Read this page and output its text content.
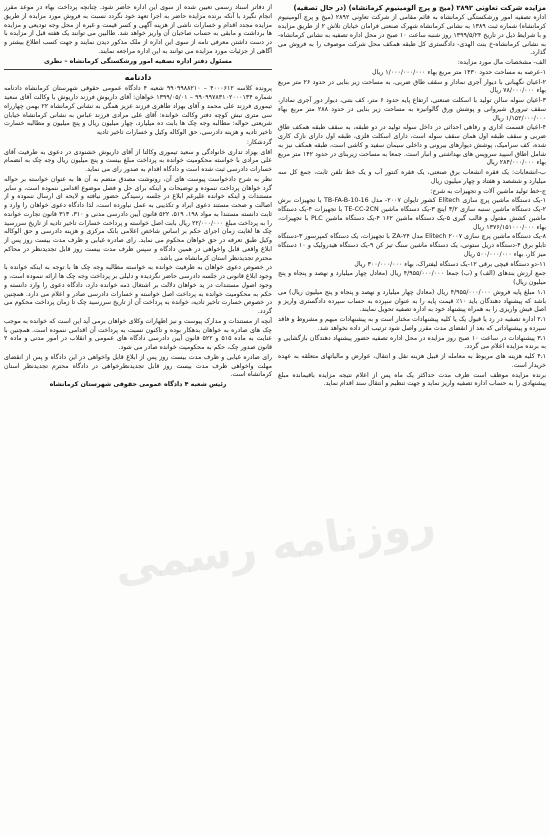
مزایده شرکت تعاونی ۲۸۹۲ (میخ و پرچ آلومینیوم کرمانشاه) (در حال تصفیه)

اداره تصفیه امور ورشکستگی کرمانشاه به قائم مقامی از شرکت تعاونی ۲۸۹۲ (میخ و پرچ آلومینیوم کرمانشاه) شماره ثبت ۱۳۸۹ به نشانی کرمانشاه شهرک صنعتی فرامان خیابان تلاش ۲ از طریق مزایده و با شرایط ذیل در تاریخ ۱۳۹۹/۵/۲۴ روز شنبه ساعت ۱۰ صبح در محل اداره تصفیه به نشانی کرمانشاه- به نشانی کرمانشاه-خ بنت الهدی- دادگستری کل طبقه همکف محل شرکت موصوف را به فروش می گذارد.

الف- مشخصات مال مورد مزایده:

۱-عرصه به مساحت حدود ۱۴۳۰ متر مربع بهاء ۱/۰۰۰/۰۰۰/۰۰۰ ریال

۲-اعیان نگهبانی با دیوار آجری نمادار و سقف طاق ضربی، به مساحت زیر بنایی در حدود ۲۶ متر مربع بهاء ۷۸/۰۰۰/۰۰۰ ریال

۳-اعیان سوله سالن تولید با اسکلت صنعتی، ارتفاع پایه حدود ۶ متر، کف بتنی، دیوار دور آجری نمادار، سقف تیرورق شیروانی و پوشش ورق گالوانیزه به مساحت زیر بنایی در حدود ۲۸۸ متر مربع بهاء ۱/۱۵۲/۰۰۰/۰۰۰ ریال

۴-اعیان قسمت اداری و رفاهی احداثی در داخل سوله تولید در دو طبقه، به سقف طبقه همکف طاق ضربی و سقف طبقه اول همان سقف سوله است، دارای اسکلت فلزی، طبقه اول دارای نازک کاری شده، کف سرامیک، پوشش دیوارهای بیرونی و داخلی سیمان سفید و کاشی است، طبقه همکف نیز به شامل اطاق اسپید سرویس های بهداشتی و انبار است. جمعا به مساحت زیربنای در حدود ۱۴۲ متر مربع بهاء ۲۸۴/۰۰۰/۰۰۰ ریال

ب-انشعابات: یک فقره انشعاب برق صنعتی، یک فقره کنتور آب و یک خط تلفن ثابت، جمع کل سه میلیارد و ششصد و هفتاد و چهار میلیون ریال

ج-خط تولید ماشین آلات و تجهیزات به شرح:

۱-یک دستگاه ماشین پرچ سازی Elitech کشور تایوان ۲۰۰۷- مدل TB-FA-B-10-16 با تجهیزات برش ۲-یک دستگاه ماشین سنبه سازی ۳/۲ اینچ ۳-یک دستگاه ماشین TE-CC-2CN با تجهیزات ۴-یک دستگاه ماشین کشش مفتول و قالب گیری ۵-یک دستگاه ماشین ۱۶۲ ۴-یک دستگاه ماشین PLC با تجهیزات، بهاء ۱۳۷۶/۱۵۱۰۰۰/۰۰۰ ریال

۸-یک دستگاه ماشین پرچ سازی ۲۰۰۷ Elitech مدل ۲۴-ZA با تجهیزات، یک دستگاه کمپرسور ۳-دستگاه تابلو برق ۴-دستگاه دریل ستونی، یک دستگاه ماشین سنگ تیز کن ۹-یک دستگاه هیدرولیک و ۱۰ دستگاه میز کار، بهاء ۵۰۰/۰۰۰/۰۰۰ ریال

۱۱-دو دستگاه قیچی برقی ۱۲-یک دستگاه لیفتراک، بهاء ۳۰۰/۰۰۰/۰۰۰ ریال

جمع ارزش بندهای (الف) و (ب) جمعا ۴/۹۵۵/۰۰۰/۰۰۰ ریال (معادل چهار میلیارد و نهصد و پنجاه و پنج میلیون ریال)

۱،۱ مبلغ پایه فروش ۴/۹۵۵/۰۰۰/۰۰۰ ریال (معادل چهار میلیارد و نهصد و پنجاه و پنج میلیون ریال) می باشد که پیشنهاد دهندگان باید ۱۰٪ قیمت پایه را به عنوان سپرده به حساب سپرده دادگستری واریز و اصل فیش واریزی را به همراه پیشنهاد خود به اداره تصفیه تحویل نمایند.

۲،۱ اداره تصفیه در رد یا قبول یک یا کلیه پیشنهادات مختار است و به پیشنهادات مبهم و مشروط و فاقد سپرده و پیشنهاداتی که بعد از انقضای مدت مقرر واصل شود ترتیب اثر داده نخواهد شد.

۳،۱ پیشنهادات در ساعت ۱۰ صبح روز مزایده در محل اداره تصفیه حضور پیشنهاد دهندگان بازگشایی و به برنده مزایده اعلام می گردد.

۴،۱ کلیه هزینه های مربوط به معامله از قبیل هزینه نقل و انتقال، عوارض و مالیاتهای متعلقه به عهده خریدار است.

برنده مزایده موظف است ظرف مدت حداکثر یک ماه پس از اعلام نتیجه مزایده باقیمانده مبلغ پیشنهادی را به حساب اداره تصفیه واریز نماید و جهت تنظیم و انتقال سند اقدام نماید.

از دفاتر اسناد رسمی تعیین شده از سوی این اداره حاضر شود. چنانچه پرداخت بهاء در موعد مقرر انجام نگیرد با آنکه برنده مزایده حاضر به اجرا تعهد خود نگردد نسبت به فروش مورد مزایده از طریق مزایده مجدد اقدام و خسارات ناشی از هزینه آگهی و کسر قیمت و غیره از محل وجه تودیعی و مزایده ها برداشت و مابقی به حساب صاحبان آن واریز خواهد شد. طالبین می توانند یک هفته قبل از مزایده با در دست داشتن معرفی نامه از سوی این اداره از ملک مذکور دیدن نمایند و جهت کسب اطلاع بیشتر و آگاهی از جزئیات مورد مزایده می توانند به این اداره مراجعه نمایند.

مسئول دفتر اداره تصفیه امور ورشکستگی کرمانشاه – نظری

دادنامه

پرونده کلاسه ۴۰۰۰۶۱۲ – ۹۹۰۹۹۸۸۲۱۰ شعبه ۴ دادگاه عمومی حقوقی شهرستان کرمانشاه دادنامه شماره ۹۹۰۹۹۷۸۳۱۰۲۰۰۰۱۳۴ – ۱۳۹۹/۰۵/۰۱ خواهان: آقای داریوش فرزند داریوش با وکالت آقای سعید تیموری فرزند علی محمد و آقای بهزاد طاهری فرزند عزیز همگی به نشانی کرمانشاه ۲۲ بهمن چهارراه سی متری نبش کوچه دفتر وکالت خوانده: آقای علی مرادی فرزند عباس به نشانی کرمانشاه خیابان شریعتی حواله: مطالبه وجه چک ها بابت ده میلیارد، چهار میلیون ریال و پنج میلیون و مطالبه خسارت تاخیر تادیه و هزینه دادرسی، حق الوکاله وکیل و خسارات تاخیر تادیه

گردشکار:

اقای بهزاد تداری خانوادگی و سعید تیموری وکالتا از آقای داریوش خشنودی در دعوی به طرفیت آقای علی مرادی با خواسته محکومیت خوانده به پرداخت مبلغ بیست و پنج میلیون ریال وجه چک به انضمام خسارات دادرسی ثبت شده است و دادگاه اقدام به صدور رای می نماید.

نظر به شرح دادخواست پیوست های آن، رونوشت مصدق منضم به آن ها به عنوان خواسته بر حواله گرد خواهان پرداخت ننموده و توضیحات و اینکه برای حل و فصل موضوع اقدامی ننموده است، و سایر مستندات و اینکه خوانده علیرغم ابلاغ در جلسه رسیدگی حضور نیافته و لایحه ای ارسال ننموده و از اصالت و صحت مستند دعوی ایراد و تکذیبی به عمل نیاورده است، لذا دادگاه دعوی خواهان را وارد و ثابت دانسته مستندا به مواد ۱۹۸، ۵۱۹، ۵۲۲ قانون آیین دادرسی مدنی و ۳۱۰، ۳۱۳ قانون تجارت خوانده را به پرداخت مبلغ ۲۲/۰۰۰/۰۰۰ ریال بابت اصل خواسته و پرداخت خسارات تاخیر تادیه از تاریخ سررسید چک ها لغایت زمان اجرای حکم بر اساس شاخص اعلامی بانک مرکزی و هزینه دادرسی و حق الوکاله وکیل طبق تعرفه در حق خواهان محکوم می نماید. رای صادره غیابی و ظرف مدت بیست روز پس از ابلاغ واقعی قابل واخواهی در همین دادگاه و سپس ظرف مدت بیست روز قابل تجدیدنظر در محاکم محترم تجدیدنظر استان کرمانشاه می باشد.

در خصوص دعوی خواهان به طرفیت خوانده به خواسته مطالبه وجه چک ها با توجه به اینکه خوانده با وجود ابلاغ قانونی در جلسه دادرسی حاضر نگردیده و دلیلی بر پرداخت وجه چک ها ارائه ننموده است، و وجود اصول مستندات در ید خواهان دلالت بر اشتغال ذمه خوانده دارد، دادگاه دعوی را وارد دانسته و حکم به محکومیت خوانده به پرداخت اصل خواسته و خسارات دادرسی صادر و اعلام می دارد. همچنین در خصوص خسارت تاخیر تادیه، خوانده به پرداخت آن از تاریخ سررسید چک تا زمان پرداخت محکوم می گردد.

آنچه از مستندات و مدارک پیوست و نیز اظهارات وکلای خواهان برمی آید این است که خوانده به موجب چک های صادره به خواهان بدهکار بوده و تاکنون نسبت به پرداخت آن اقدامی ننموده است. همچنین با عنایت به ماده ۵۱۵ و ۵۲۲ قانون آیین دادرسی دادگاه های عمومی و انقلاب در امور مدنی و ماده ۲ قانون صدور چک، حکم به محکومیت خوانده صادر می شود.

رای صادره غیابی و ظرف مدت بیست روز پس از ابلاغ قابل واخواهی در این دادگاه و پس از انقضای مهلت واخواهی ظرف مدت بیست روز قابل تجدیدنظرخواهی در دادگاه محترم تجدیدنظر استان کرمانشاه است.

رئیس شعبه ۴ دادگاه عمومی حقوقی شهرستان کرمانشاه

روزنامه رسمی
